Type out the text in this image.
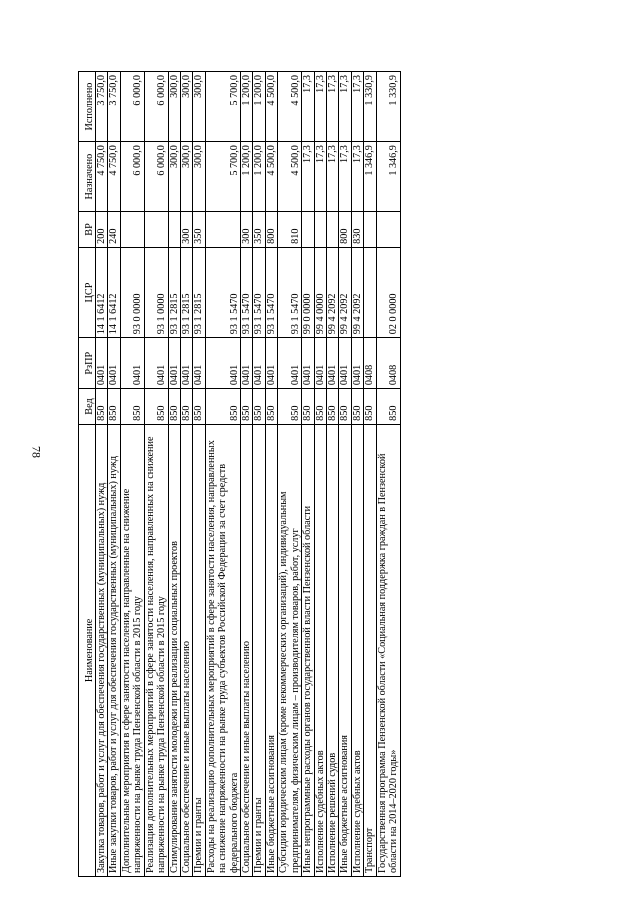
78
Наименование	Вед	РзПР	ЦСР	ВР	Назначено	Исполнено
Закупка товаров, работ и услуг для обеспечения государственных (муниципальных) нужд	850	0401	14 1 6412	200	4 750,0	3 750,0
Иные закупки товаров, работ и услуг для обеспечения государственных (муниципальных) нужд	850	0401	14 1 6412	240	4 750,0	3 750,0
Дополнительные мероприятия в сфере занятости населения, направленные на снижение напряженности на рынке труда Пензенской области в 2015 году	850	0401	93 0 0000		6 000,0	6 000,0
Реализация дополнительных мероприятий в сфере занятости населения, направленных на снижение напряженности на рынке труда Пензенской области в 2015 году	850	0401	93 1 0000		6 000,0	6 000,0
Стимулирование занятости молодежи при реализации социальных проектов	850	0401	93 1 2815		300,0	300,0
Социальное обеспечение и иные выплаты населению	850	0401	93 1 2815	300	300,0	300,0
Премии и гранты	850	0401	93 1 2815	350	300,0	300,0
Расходы на реализацию дополнительных мероприятий в сфере занятости населения, направленных на снижение напряженности на рынке труда субъектов Российской Федерации за счет средств федерального бюджета	850	0401	93 1 5470		5 700,0	5 700,0
Социальное обеспечение и иные выплаты населению	850	0401	93 1 5470	300	1 200,0	1 200,0
Премии и гранты	850	0401	93 1 5470	350	1 200,0	1 200,0
Иные бюджетные ассигнования	850	0401	93 1 5470	800	4 500,0	4 500,0
Субсидии юридическим лицам (кроме некоммерческих организаций), индивидуальным предпринимателям, физическим лицам – производителям товаров, работ, услуг	850	0401	93 1 5470	810	4 500,0	4 500,0
Иные непрограммные расходы органов государственной власти Пензенской области	850	0401	99 0 0000		17,3	17,3
Исполнение судебных актов	850	0401	99 4 0000		17,3	17,3
Исполнение решений судов	850	0401	99 4 2092		17,3	17,3
Иные бюджетные ассигнования	850	0401	99 4 2092	800	17,3	17,3
Исполнение судебных актов	850	0401	99 4 2092	830	17,3	17,3
Транспорт	850	0408			1 346,9	1 330,9
Государственная программа Пензенской области «Социальная поддержка граждан в Пензенской области на 2014–2020 годы»	850	0408	02 0 0000		1 346,9	1 330,9
